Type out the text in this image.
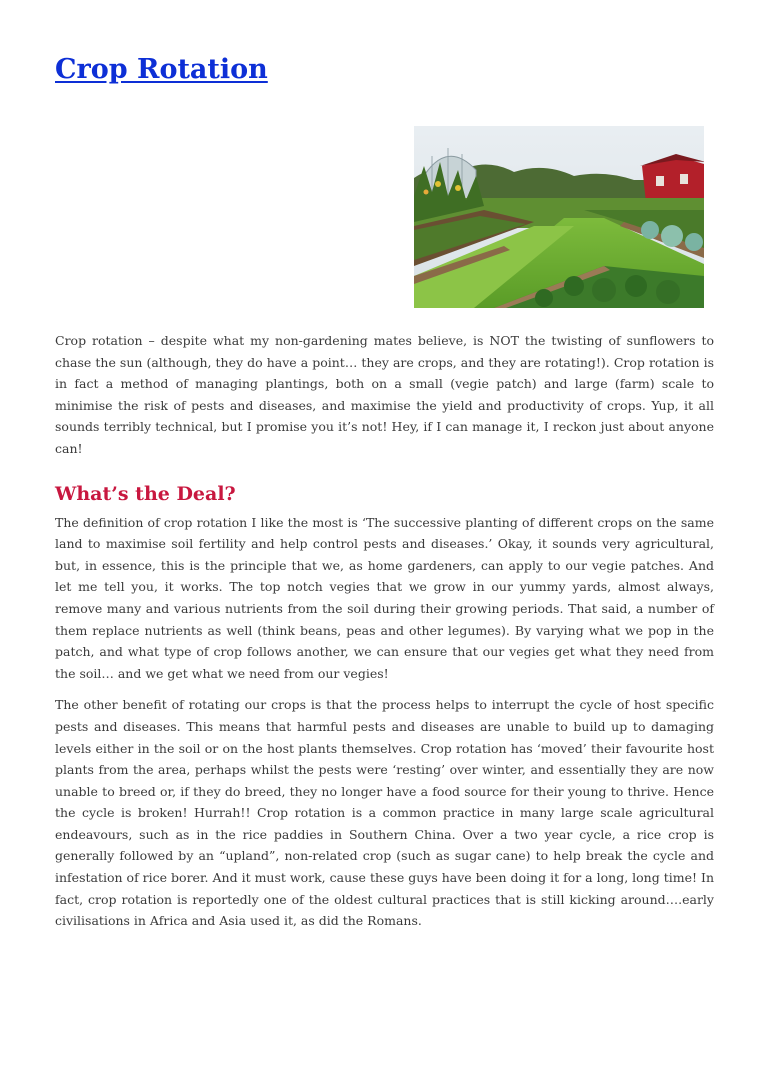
Crop Rotation

Crop rotation – despite what my non-gardening mates believe, is NOT the twisting of sunflowers to chase the sun (although, they do have a point… they are crops, and they are rotating!). Crop rotation is in fact a method of managing plantings, both on a small (vegie patch) and large (farm) scale to minimise the risk of pests and diseases, and maximise the yield and productivity of crops. Yup, it all sounds terribly technical, but I promise you it’s not! Hey, if I can manage it, I reckon just about anyone can!

What’s the Deal?

The definition of crop rotation I like the most is ‘The successive planting of different crops on the same land to maximise soil fertility and help control pests and diseases.’ Okay, it sounds very agricultural, but, in essence, this is the principle that we, as home gardeners, can apply to our vegie patches. And let me tell you, it works. The top notch vegies that we grow in our yummy yards, almost always, remove many and various nutrients from the soil during their growing periods. That said, a number of them replace nutrients as well (think beans, peas and other legumes). By varying what we pop in the patch, and what type of crop follows another, we can ensure that our vegies get what they need from the soil… and we get what we need from our vegies!

The other benefit of rotating our crops is that the process helps to interrupt the cycle of host specific pests and diseases. This means that harmful pests and diseases are unable to build up to damaging levels either in the soil or on the host plants themselves. Crop rotation has ‘moved’ their favourite host plants from the area, perhaps whilst the pests were ‘resting’ over winter, and essentially they are now unable to breed or, if they do breed, they no longer have a food source for their young to thrive. Hence the cycle is broken! Hurrah!! Crop rotation is a common practice in many large scale agricultural endeavours, such as in the rice paddies in Southern China. Over a two year cycle, a rice crop is generally followed by an “upland”, non-related crop (such as sugar cane) to help break the cycle and infestation of rice borer. And it must work, cause these guys have been doing it for a long, long time! In fact, crop rotation is reportedly one of the oldest cultural practices that is still kicking around….early civilisations in Africa and Asia used it, as did the Romans.
